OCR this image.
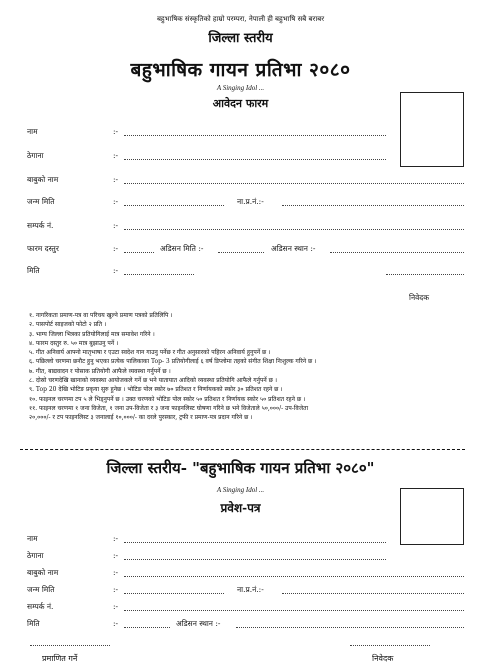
बहुभाषिक संस्कृतिको हाम्रो परम्परा, नेपाली ही बहुभाषि सबै बराबर
जिल्ला स्तरीय
बहुभाषिक गायन प्रतिभा २०८०
A Singing Idol ...
आवेदन फारम
नाम	:-
ठेगाना	:-
बाबुको नाम	:-
जन्म मिति	:-	ना.प्र.नं.:-
सम्पर्क नं.	:-
फारम दस्तुर	:-	अडिसन मिति :-	अडिसन स्थान :-
मिति	:-
निवेदक
१. नागरिकता प्रमाण-पत्र वा परिचय खुल्ने प्रमाण पत्रको प्रतिलिपि ।
२. पासपोर्ट साइजको फोटो २ प्रति ।
३. भाग्य जिल्ला भित्रका प्रतियोगिलाई मात्र समावेश गरिने ।
४. फारम दस्तुर रु. ५० मात्र बुझाउनु पर्ने ।
५. गीत अनिवार्य आफ्नो मातृभाषा र एउटा स्वदेश गान गाउनु पर्नेछ र गीत अनुसारको पहिरन अनिवार्य हुनुपर्ने छ ।
६. पछिल्लो चरणमा छनौट हुनु भएका प्रत्येक पालिकाका Top- 3 प्रतियोगीलाई ६ वर्ष डिप्लोमा तहको संगीत शिक्षा निःशुल्क गरिने छ ।
७. गीत, बाद्यवादन र पोसाक प्रतियोगी आफैले व्यवस्था गर्नुपर्ने छ ।
८. दोस्रो चरणदेखि खानाको व्यवस्था आयोजकले गर्ने छ भने यातायात आदिको व्यवस्था प्रतियोगि आफैले गर्नुपर्ने छ ।
९. Top 20 देखि भोटिङ प्रकृया सुरु हुनेछ । भोटिङ पोल स्कोर ७० प्रतिशत र निर्णायकको स्कोर ३० प्रतिशत रहने छ ।
१०. फाइनल चरणमा टप ५ ले भिड्नुपर्ने छ । उक्त चरणको भोटिङ पोल स्कोर ५० प्रतिशत र निर्णायक स्कोर ५० प्रतिशत रहने छ ।
११. फाइनल चरणमा १ जना विजेता, १ जना उप-विजेता र ३ जना फाइनलिस्ट घोषणा गरिने छ भने विजेताले ५०,०००/- उप-विजेता
२०,०००/- र टप फाइनलिस्ट ३ जनालाई १०,०००/- का दरले पुरस्कार, ट्रफी र प्रमाण-पत्र प्रदान गरिने छ ।
जिल्ला स्तरीय- "बहुभाषिक गायन प्रतिभा २०८०"
A Singing Idol ...
प्रवेश-पत्र
नाम	:-
ठेगाना	:-
बाबुको नाम	:-
जन्म मिति	:-	ना.प्र.नं.:-
सम्पर्क नं.	:-
मिति	:-	अडिसन स्थान :-
प्रमाणित गर्ने	निवेदक
